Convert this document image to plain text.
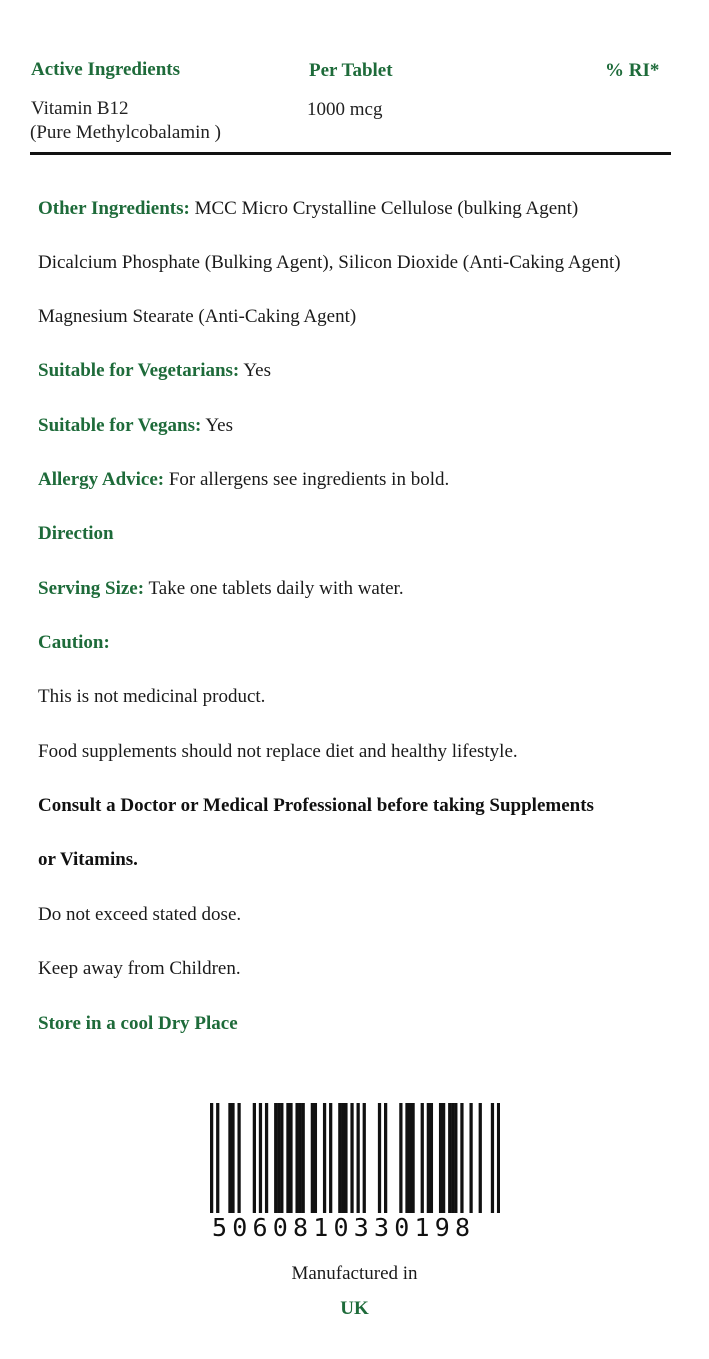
Active Ingredients	Per Tablet	% RI*
Vitamin B12
(Pure Methylcobalamin )
1000 mcg
Other Ingredients: MCC Micro Crystalline Cellulose (bulking Agent)
Dicalcium Phosphate (Bulking Agent), Silicon Dioxide (Anti-Caking Agent)
Magnesium Stearate (Anti-Caking Agent)
Suitable for Vegetarians: Yes
Suitable for Vegans: Yes
Allergy Advice: For allergens see ingredients in bold.
Direction
Serving Size: Take one tablets daily with water.
Caution:
This is not medicinal product.
Food supplements should not replace diet and healthy lifestyle.
Consult a Doctor or Medical Professional before taking Supplements
or Vitamins.
Do not exceed stated dose.
Keep away from Children.
Store in a cool Dry Place
5060810330198
Manufactured in
UK
